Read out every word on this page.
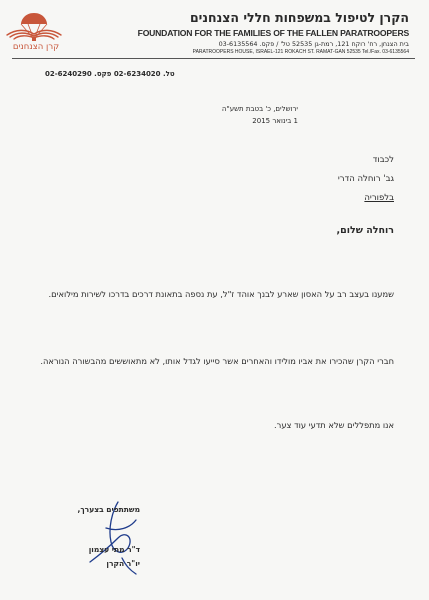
הקרן לטיפול במשפחות חללי הצנחנים
FOUNDATION FOR THE FAMILIES OF THE FALLEN PARATROOPERS
בית הצנחן, רח' רוקח 121, רמת-גן 52535 טל' / פקס. 03-6135564
PARATROOPERS HOUSE, ISRAEL-121 ROKACH ST. RAMAT-GAN 52535 Tel./Fax. 03-6135564
קרן הצנחנים
טל. 02-6234020 פקס. 02-6240290
ירושלים, כ' בטבת תשע"ה
1 בינואר 2015
לכבוד
גב' רוחלה הדרי
בלפוריה
רוחלה שלום,
שמענו בעצב רב על האסון שארע לבנך אוהד ז"ל, עת נספה בתאונת דרכים בדרכו לשירות מילואים.
חברי הקרן שהכירו את אביו מולידו והאחרים אשר סייעו לגדל אותו, לא מתאוששים מהבשורה הנוראה.
אנו מתפללים שלא תדעי עוד צער.
משתתפים בצערך,
ד"ר מתי עצמון
יו"ר הקרן
